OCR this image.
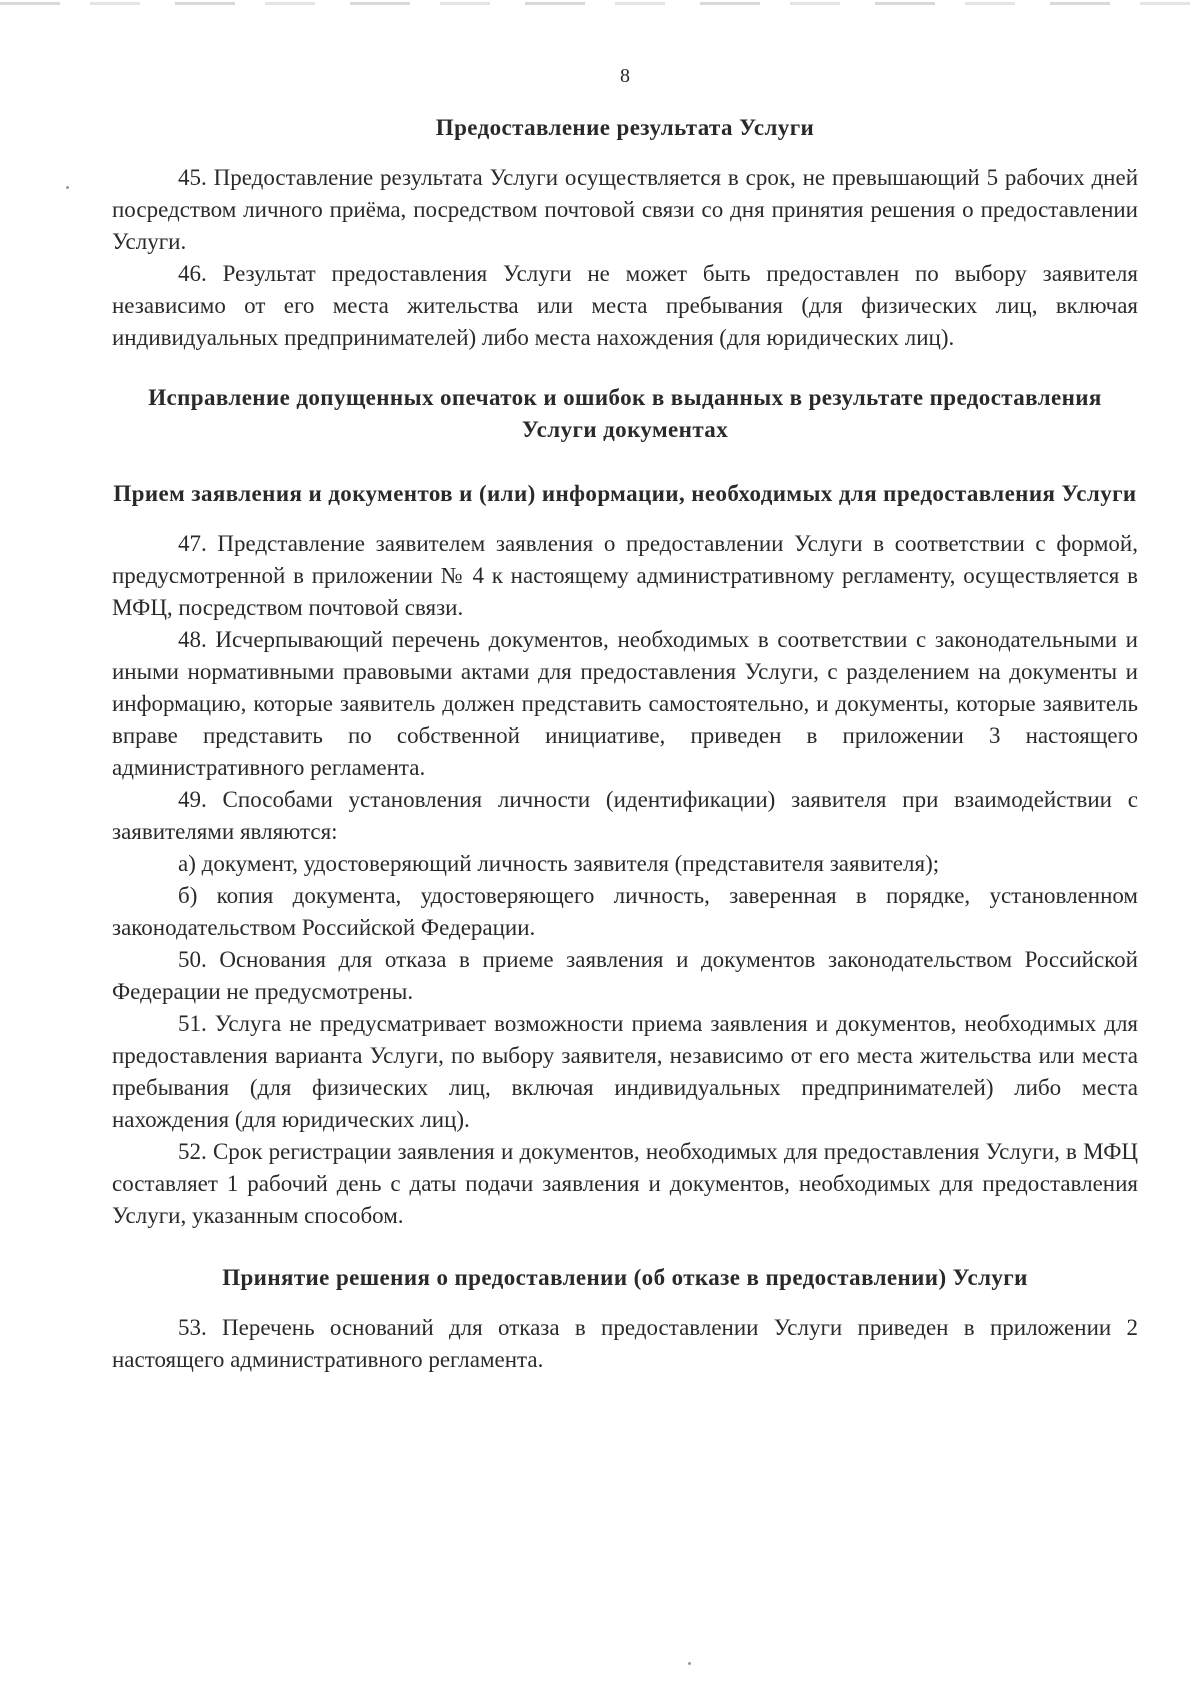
8
Предоставление результата Услуги

45. Предоставление результата Услуги осуществляется в срок, не превышающий 5 рабочих дней посредством личного приёма, посредством почтовой связи со дня принятия решения о предоставлении Услуги.

46. Результат предоставления Услуги не может быть предоставлен по выбору заявителя независимо от его места жительства или места пребывания (для физических лиц, включая индивидуальных предпринимателей) либо места нахождения (для юридических лиц).

Исправление допущенных опечаток и ошибок в выданных в результате предоставления Услуги документах
Прием заявления и документов и (или) информации, необходимых для предоставления Услуги

47. Представление заявителем заявления о предоставлении Услуги в соответствии с формой, предусмотренной в приложении № 4 к настоящему административному регламенту, осуществляется в МФЦ, посредством почтовой связи.

48. Исчерпывающий перечень документов, необходимых в соответствии с законодательными и иными нормативными правовыми актами для предоставления Услуги, с разделением на документы и информацию, которые заявитель должен представить самостоятельно, и документы, которые заявитель вправе представить по собственной инициативе, приведен в приложении 3 настоящего административного регламента.

49. Способами установления личности (идентификации) заявителя при взаимодействии с заявителями являются:

а) документ, удостоверяющий личность заявителя (представителя заявителя);

б) копия документа, удостоверяющего личность, заверенная в порядке, установленном законодательством Российской Федерации.

50. Основания для отказа в приеме заявления и документов законодательством Российской Федерации не предусмотрены.

51. Услуга не предусматривает возможности приема заявления и документов, необходимых для предоставления варианта Услуги, по выбору заявителя, независимо от его места жительства или места пребывания (для физических лиц, включая индивидуальных предпринимателей) либо места нахождения (для юридических лиц).

52. Срок регистрации заявления и документов, необходимых для предоставления Услуги, в МФЦ составляет 1 рабочий день с даты подачи заявления и документов, необходимых для предоставления Услуги, указанным способом.

Принятие решения о предоставлении (об отказе в предоставлении) Услуги

53. Перечень оснований для отказа в предоставлении Услуги приведен в приложении 2 настоящего административного регламента.
